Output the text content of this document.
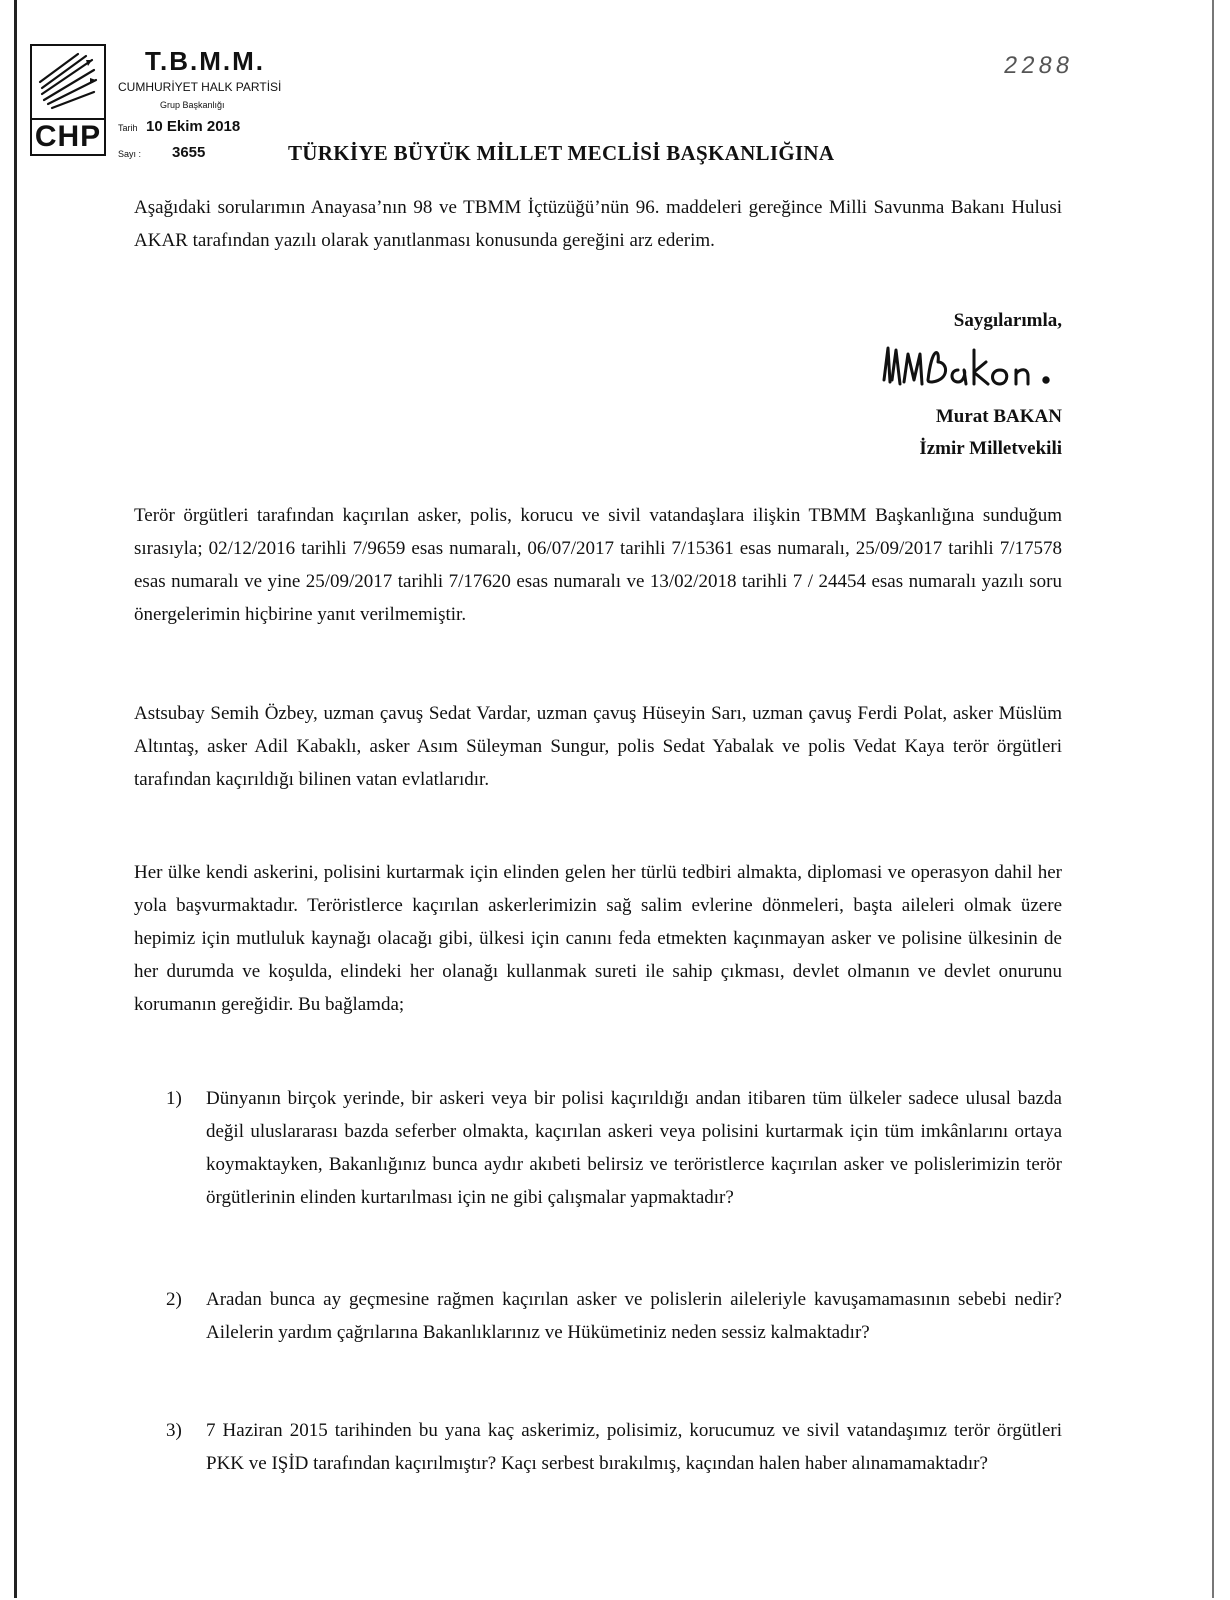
CHP
T.B.M.M.
CUMHURİYET HALK PARTİSİ
Grup Başkanlığı
Tarih 10 Ekim 2018
Sayı : 3655
2288
TÜRKİYE BÜYÜK MİLLET MECLİSİ BAŞKANLIĞINA

Aşağıdaki sorularımın Anayasa’nın 98 ve TBMM İçtüzüğü’nün 96. maddeleri gereğince Milli Savunma Bakanı Hulusi AKAR tarafından yazılı olarak yanıtlanması konusunda gereğini arz ederim.

Saygılarımla,
Murat BAKAN
İzmir Milletvekili

Terör örgütleri tarafından kaçırılan asker, polis, korucu ve sivil vatandaşlara ilişkin TBMM Başkanlığına sunduğum sırasıyla; 02/12/2016 tarihli 7/9659 esas numaralı, 06/07/2017 tarihli 7/15361 esas numaralı, 25/09/2017 tarihli 7/17578 esas numaralı ve yine 25/09/2017 tarihli 7/17620 esas numaralı ve 13/02/2018 tarihli 7 / 24454 esas numaralı yazılı soru önergelerimin hiçbirine yanıt verilmemiştir.

Astsubay Semih Özbey, uzman çavuş Sedat Vardar, uzman çavuş Hüseyin Sarı, uzman çavuş Ferdi Polat, asker Müslüm Altıntaş, asker Adil Kabaklı, asker Asım Süleyman Sungur, polis Sedat Yabalak ve polis Vedat Kaya terör örgütleri tarafından kaçırıldığı bilinen vatan evlatlarıdır.

Her ülke kendi askerini, polisini kurtarmak için elinden gelen her türlü tedbiri almakta, diplomasi ve operasyon dahil her yola başvurmaktadır. Teröristlerce kaçırılan askerlerimizin sağ salim evlerine dönmeleri, başta aileleri olmak üzere hepimiz için mutluluk kaynağı olacağı gibi, ülkesi için canını feda etmekten kaçınmayan asker ve polisine ülkesinin de her durumda ve koşulda, elindeki her olanağı kullanmak sureti ile sahip çıkması, devlet olmanın ve devlet onurunu korumanın gereğidir. Bu bağlamda;

1) Dünyanın birçok yerinde, bir askeri veya bir polisi kaçırıldığı andan itibaren tüm ülkeler sadece ulusal bazda değil uluslararası bazda seferber olmakta, kaçırılan askeri veya polisini kurtarmak için tüm imkânlarını ortaya koymaktayken, Bakanlığınız bunca aydır akıbeti belirsiz ve teröristlerce kaçırılan asker ve polislerimizin terör örgütlerinin elinden kurtarılması için ne gibi çalışmalar yapmaktadır?
2) Aradan bunca ay geçmesine rağmen kaçırılan asker ve polislerin aileleriyle kavuşamamasının sebebi nedir? Ailelerin yardım çağrılarına Bakanlıklarınız ve Hükümetiniz neden sessiz kalmaktadır?
3) 7 Haziran 2015 tarihinden bu yana kaç askerimiz, polisimiz, korucumuz ve sivil vatandaşımız terör örgütleri PKK ve IŞİD tarafından kaçırılmıştır? Kaçı serbest bırakılmış, kaçından halen haber alınamamaktadır?
